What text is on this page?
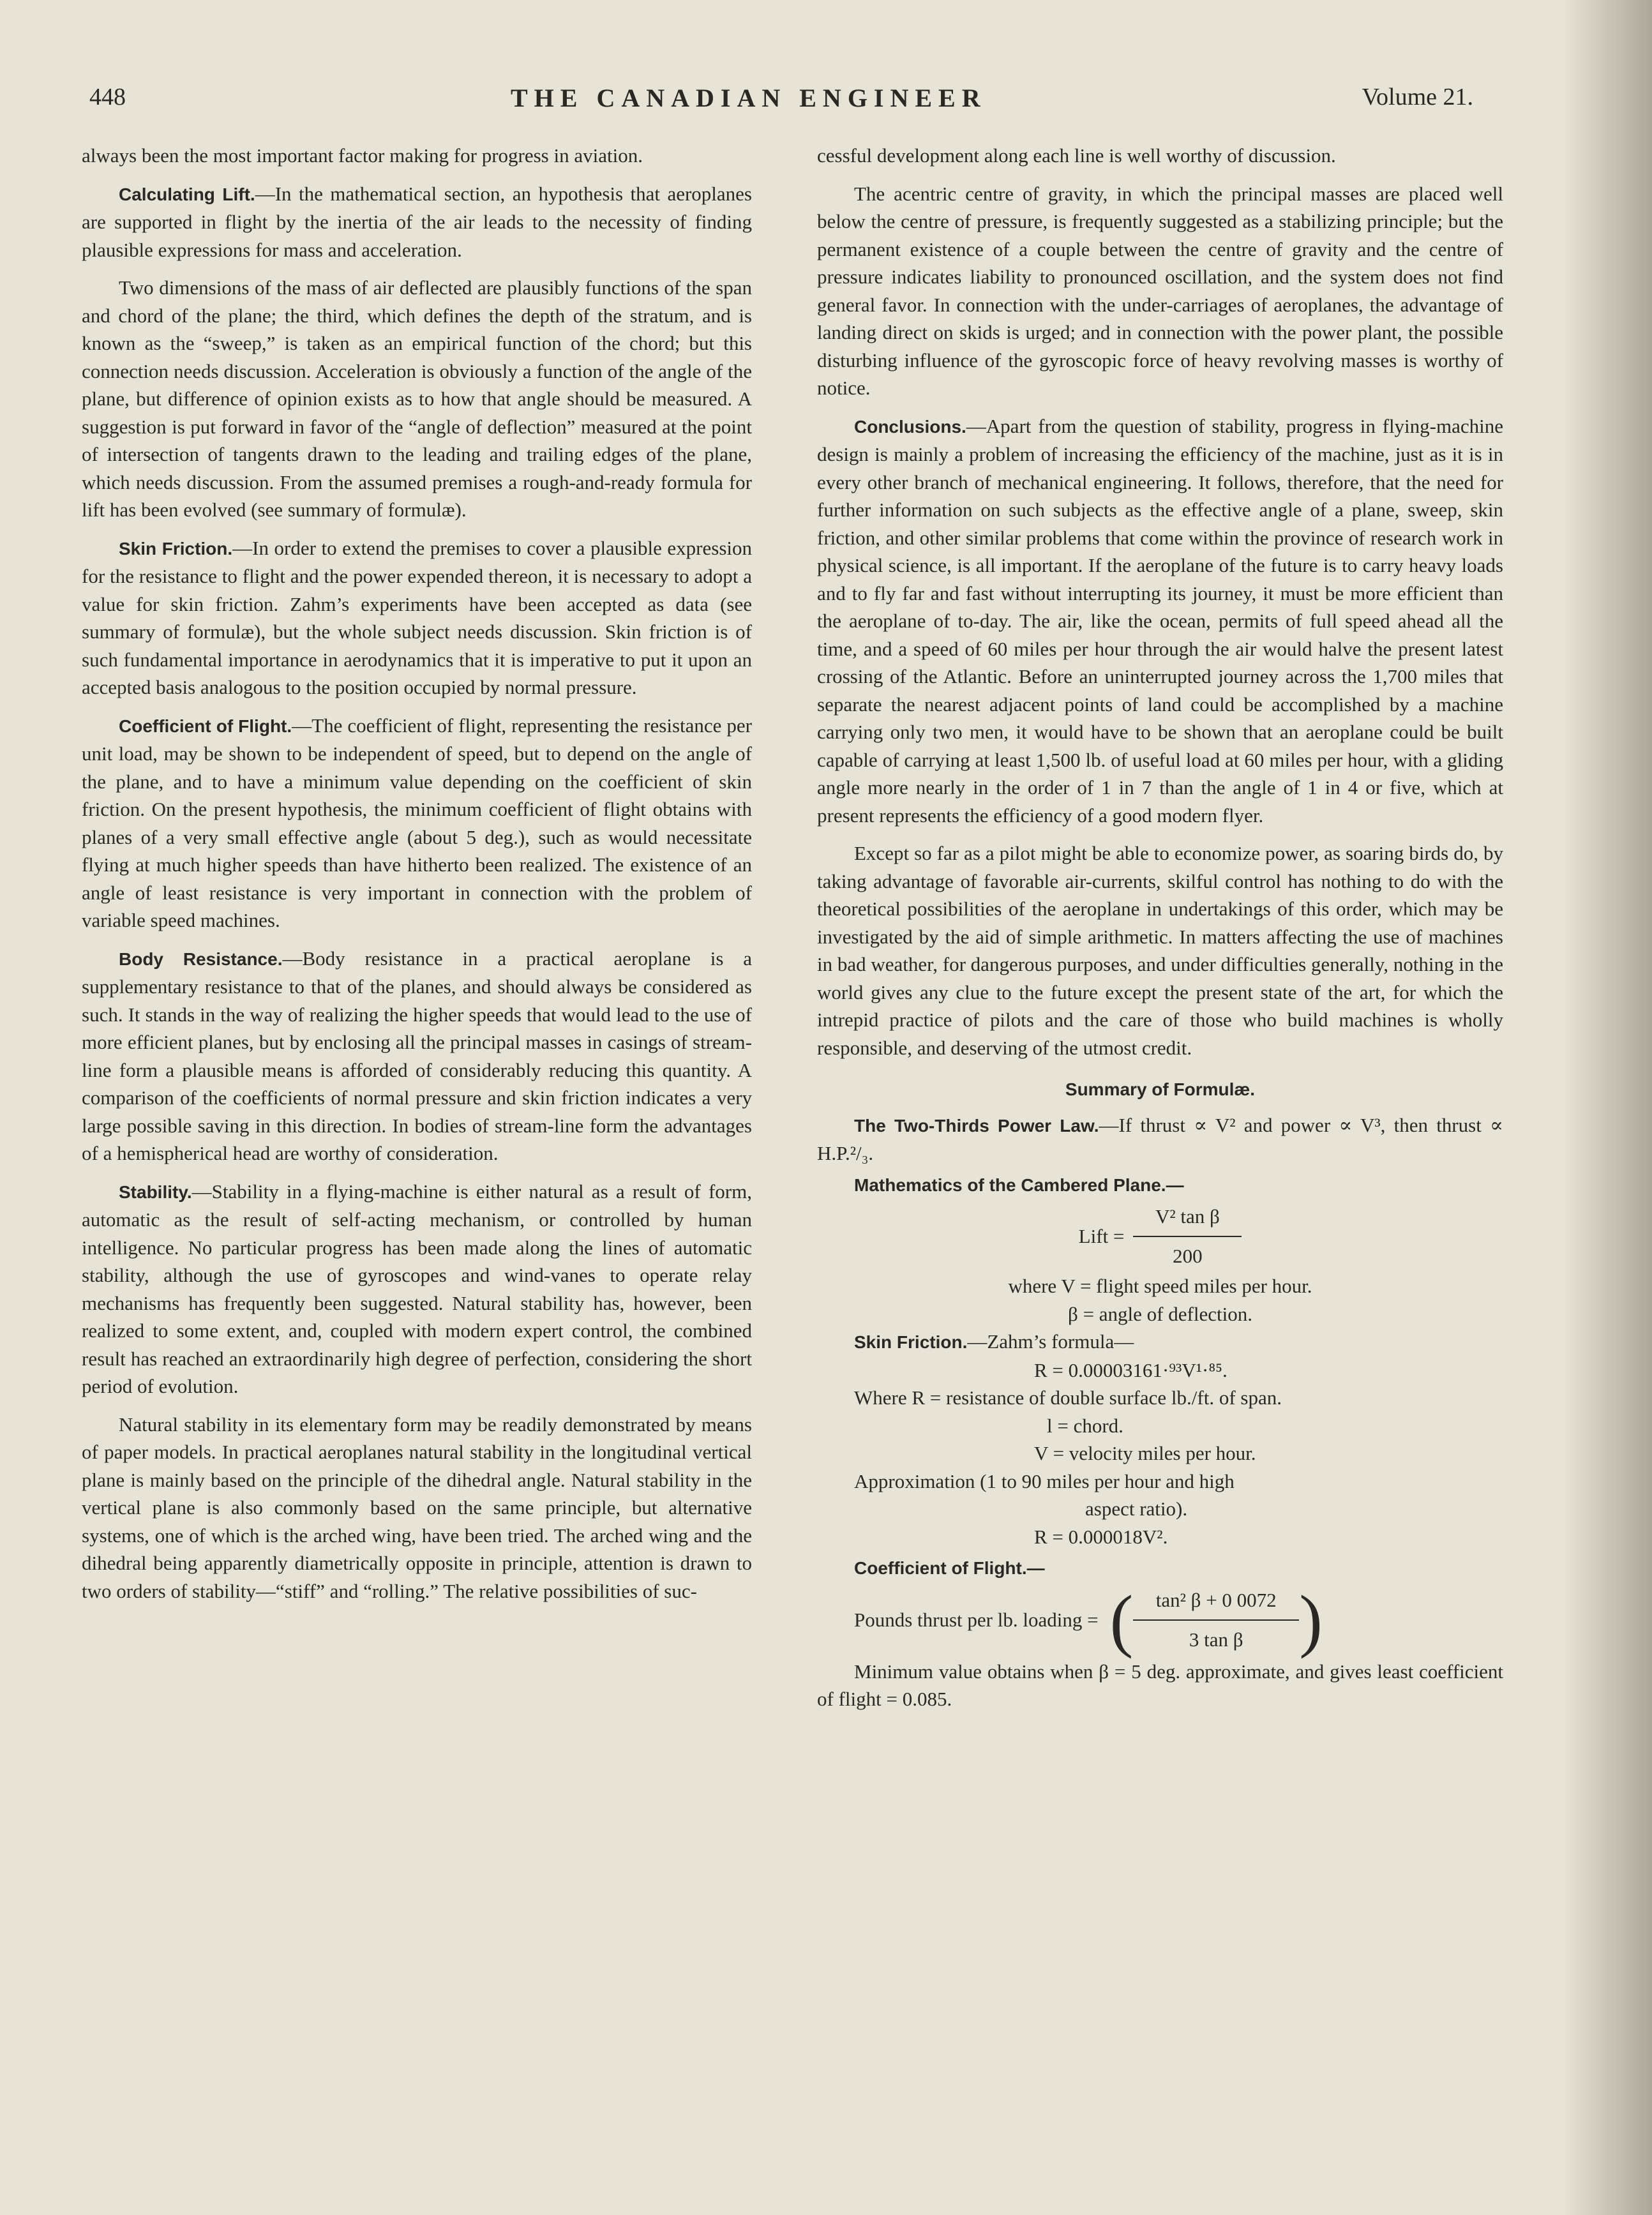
448	THE CANADIAN ENGINEER	Volume 21.

always been the most important factor making for progress in aviation.

Calculating Lift.—In the mathematical section, an hypothesis that aeroplanes are supported in flight by the inertia of the air leads to the necessity of finding plausible expressions for mass and acceleration.

Two dimensions of the mass of air deflected are plausibly functions of the span and chord of the plane; the third, which defines the depth of the stratum, and is known as the “sweep,” is taken as an empirical function of the chord; but this connection needs discussion. Acceleration is obviously a function of the angle of the plane, but difference of opinion exists as to how that angle should be measured. A suggestion is put forward in favor of the “angle of deflection” measured at the point of intersection of tangents drawn to the leading and trailing edges of the plane, which needs discussion. From the assumed premises a rough-and-ready formula for lift has been evolved (see summary of formulæ).

Skin Friction.—In order to extend the premises to cover a plausible expression for the resistance to flight and the power expended thereon, it is necessary to adopt a value for skin friction. Zahm’s experiments have been accepted as data (see summary of formulæ), but the whole subject needs discussion. Skin friction is of such fundamental importance in aerodynamics that it is imperative to put it upon an accepted basis analogous to the position occupied by normal pressure.

Coefficient of Flight.—The coefficient of flight, representing the resistance per unit load, may be shown to be independent of speed, but to depend on the angle of the plane, and to have a minimum value depending on the coefficient of skin friction. On the present hypothesis, the minimum coefficient of flight obtains with planes of a very small effective angle (about 5 deg.), such as would necessitate flying at much higher speeds than have hitherto been realized. The existence of an angle of least resistance is very important in connection with the problem of variable speed machines.

Body Resistance.—Body resistance in a practical aeroplane is a supplementary resistance to that of the planes, and should always be considered as such. It stands in the way of realizing the higher speeds that would lead to the use of more efficient planes, but by enclosing all the principal masses in casings of stream-line form a plausible means is afforded of considerably reducing this quantity. A comparison of the coefficients of normal pressure and skin friction indicates a very large possible saving in this direction. In bodies of stream-line form the advantages of a hemispherical head are worthy of consideration.

Stability.—Stability in a flying-machine is either natural as a result of form, automatic as the result of self-acting mechanism, or controlled by human intelligence. No particular progress has been made along the lines of automatic stability, although the use of gyroscopes and wind-vanes to operate relay mechanisms has frequently been suggested. Natural stability has, however, been realized to some extent, and, coupled with modern expert control, the combined result has reached an extraordinarily high degree of perfection, considering the short period of evolution.

Natural stability in its elementary form may be readily demonstrated by means of paper models. In practical aeroplanes natural stability in the longitudinal vertical plane is mainly based on the principle of the dihedral angle. Natural stability in the vertical plane is also commonly based on the same principle, but alternative systems, one of which is the arched wing, have been tried. The arched wing and the dihedral being apparently diametrically opposite in principle, attention is drawn to two orders of stability—“stiff” and “rolling.” The relative possibilities of suc-

cessful development along each line is well worthy of discussion.

The acentric centre of gravity, in which the principal masses are placed well below the centre of pressure, is frequently suggested as a stabilizing principle; but the permanent existence of a couple between the centre of gravity and the centre of pressure indicates liability to pronounced oscillation, and the system does not find general favor. In connection with the under-carriages of aeroplanes, the advantage of landing direct on skids is urged; and in connection with the power plant, the possible disturbing influence of the gyroscopic force of heavy revolving masses is worthy of notice.

Conclusions.—Apart from the question of stability, progress in flying-machine design is mainly a problem of increasing the efficiency of the machine, just as it is in every other branch of mechanical engineering. It follows, therefore, that the need for further information on such subjects as the effective angle of a plane, sweep, skin friction, and other similar problems that come within the province of research work in physical science, is all important. If the aeroplane of the future is to carry heavy loads and to fly far and fast without interrupting its journey, it must be more efficient than the aeroplane of to-day. The air, like the ocean, permits of full speed ahead all the time, and a speed of 60 miles per hour through the air would halve the present latest crossing of the Atlantic. Before an uninterrupted journey across the 1,700 miles that separate the nearest adjacent points of land could be accomplished by a machine carrying only two men, it would have to be shown that an aeroplane could be built capable of carrying at least 1,500 lb. of useful load at 60 miles per hour, with a gliding angle more nearly in the order of 1 in 7 than the angle of 1 in 4 or five, which at present represents the efficiency of a good modern flyer.

Except so far as a pilot might be able to economize power, as soaring birds do, by taking advantage of favorable air-currents, skilful control has nothing to do with the theoretical possibilities of the aeroplane in undertakings of this order, which may be investigated by the aid of simple arithmetic. In matters affecting the use of machines in bad weather, for dangerous purposes, and under difficulties generally, nothing in the world gives any clue to the future except the present state of the art, for which the intrepid practice of pilots and the care of those who build machines is wholly responsible, and deserving of the utmost credit.

Summary of Formulæ.

The Two-Thirds Power Law.—If thrust ∝ V² and power ∝ V³, then thrust ∝ H.P.²/₃.

Mathematics of the Cambered Plane.—
Lift =
V² tan β
200
where V = flight speed miles per hour.
β = angle of deflection.

Skin Friction.—Zahm’s formula—

R = 0.00003161·⁹³V¹·⁸⁵.
Where R = resistance of double surface lb./ft. of span.
l = chord.
V = velocity miles per hour.
Approximation (1 to 90 miles per hour and high
aspect ratio).
R = 0.000018V².
Coefficient of Flight.—
Pounds thrust per lb. loading = ( tan² β + 0 0072
3 tan β )

Minimum value obtains when β = 5 deg. approximate, and gives least coefficient of flight = 0.085.
